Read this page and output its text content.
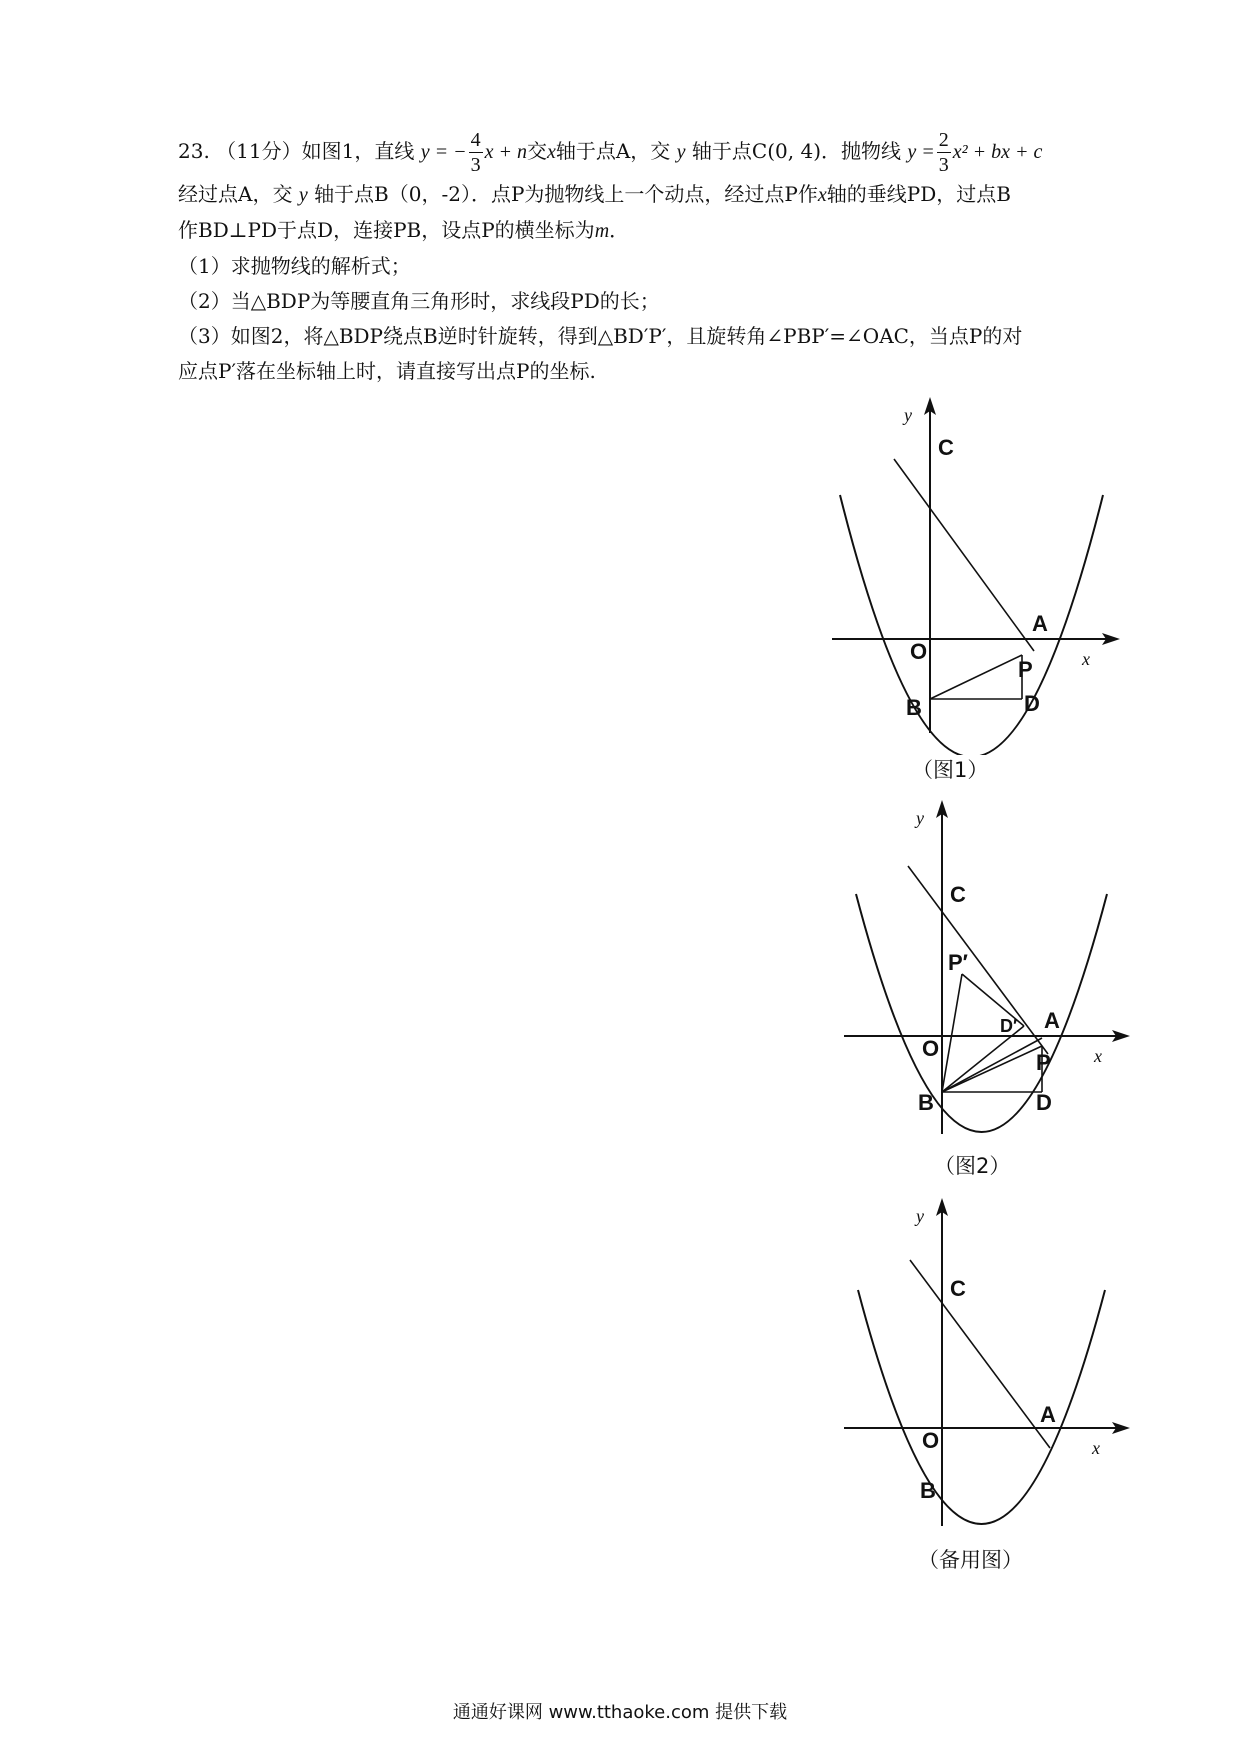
23. （11分）如图1，直线 y = − $\frac{4}{3}$ x + n交x轴于点A，交 y 轴于点C(0, 4)．抛物线 $y = \frac{2}{3} x^2$ + bx + c
经过点A，交 y 轴于点B（0，-2）．点P为抛物线上一个动点，经过点P作x轴的垂线PD，过点B
作BD⊥PD于点D，连接PB，设点P的横坐标为m．
（1）求抛物线的解析式；
（2）当△BDP为等腰直角三角形时，求线段PD的长；
（3）如图2，将△BDP绕点B逆时针旋转，得到△BD′P′，且旋转角∠PBP′=∠OAC，当点P的对
应点P′落在坐标轴上时，请直接写出点P的坐标.
y
x
C
A
O
P
B	D
（图1）
y
x
C
A
O
P
B	D
P′
D′
（图2）
y
x
C
A
O
B
（备用图）
通通好课网 www.tthaoke.com 提供下载
